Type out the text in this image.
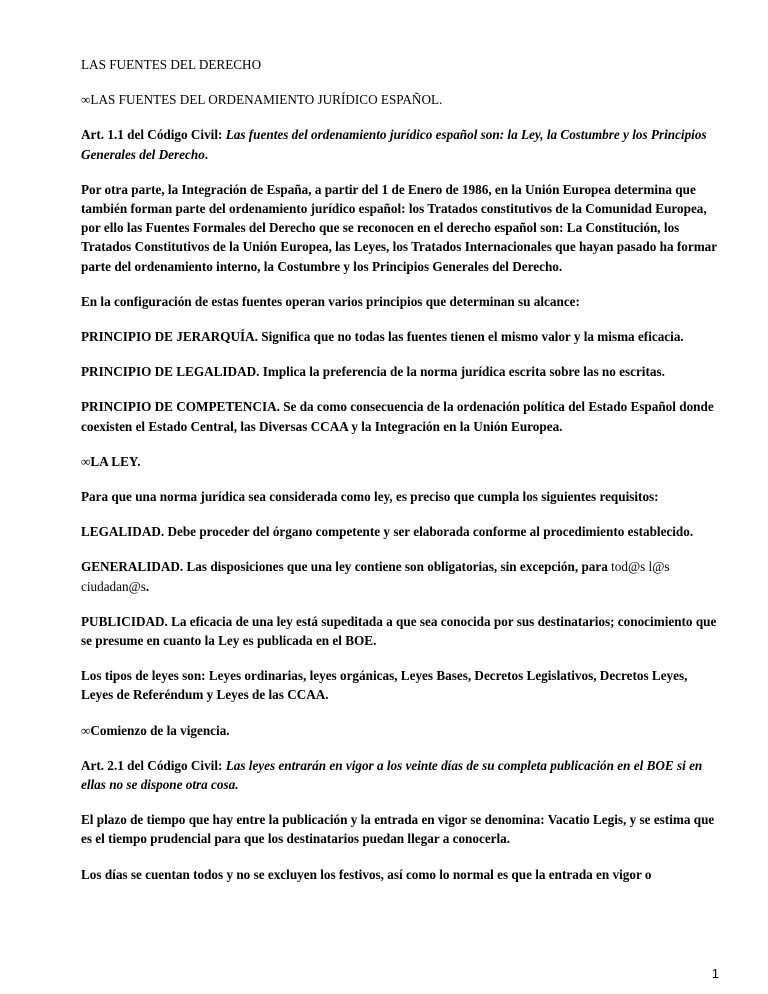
LAS FUENTES DEL DERECHO

∞LAS FUENTES DEL ORDENAMIENTO JURÍDICO ESPAÑOL.

Art. 1.1 del Código Civil: Las fuentes del ordenamiento jurídico español son: la Ley, la Costumbre y los Principios Generales del Derecho.

Por otra parte, la Integración de España, a partir del 1 de Enero de 1986, en la Unión Europea determina que también forman parte del ordenamiento jurídico español: los Tratados constitutivos de la Comunidad Europea, por ello las Fuentes Formales del Derecho que se reconocen en el derecho español son: La Constitución, los Tratados Constitutivos de la Unión Europea, las Leyes, los Tratados Internacionales que hayan pasado ha formar parte del ordenamiento interno, la Costumbre y los Principios Generales del Derecho.

En la configuración de estas fuentes operan varios principios que determinan su alcance:

PRINCIPIO DE JERARQUÍA. Significa que no todas las fuentes tienen el mismo valor y la misma eficacia.

PRINCIPIO DE LEGALIDAD. Implica la preferencia de la norma jurídica escrita sobre las no escritas.

PRINCIPIO DE COMPETENCIA. Se da como consecuencia de la ordenación política del Estado Español donde coexisten el Estado Central, las Diversas CCAA y la Integración en la Unión Europea.

∞LA LEY.

Para que una norma jurídica sea considerada como ley, es preciso que cumpla los siguientes requisitos:

LEGALIDAD. Debe proceder del órgano competente y ser elaborada conforme al procedimiento establecido.

GENERALIDAD. Las disposiciones que una ley contiene son obligatorias, sin excepción, para tod@s l@s ciudadan@s.

PUBLICIDAD. La eficacia de una ley está supeditada a que sea conocida por sus destinatarios; conocimiento que se presume en cuanto la Ley es publicada en el BOE.

Los tipos de leyes son: Leyes ordinarias, leyes orgánicas, Leyes Bases, Decretos Legislativos, Decretos Leyes, Leyes de Referéndum y Leyes de las CCAA.

∞Comienzo de la vigencia.

Art. 2.1 del Código Civil: Las leyes entrarán en vigor a los veinte días de su completa publicación en el BOE si en ellas no se dispone otra cosa.

El plazo de tiempo que hay entre la publicación y la entrada en vigor se denomina: Vacatio Legis, y se estima que es el tiempo prudencial para que los destinatarios puedan llegar a conocerla.

Los días se cuentan todos y no se excluyen los festivos, así como lo normal es que la entrada en vigor o

1
